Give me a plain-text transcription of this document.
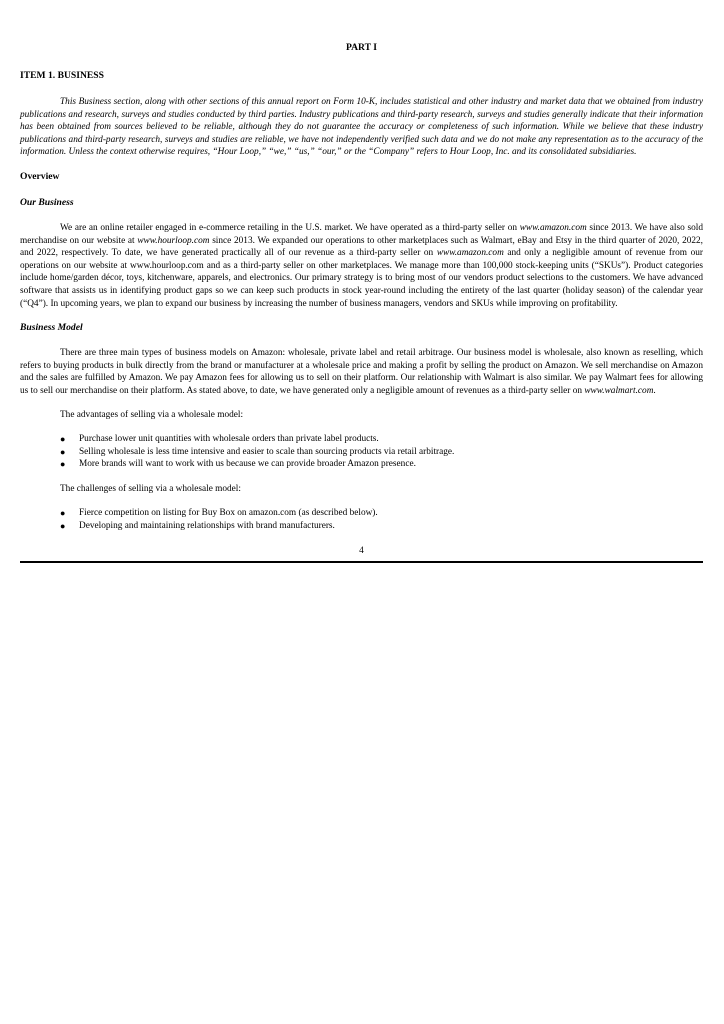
PART I
ITEM 1. BUSINESS

This Business section, along with other sections of this annual report on Form 10-K, includes statistical and other industry and market data that we obtained from industry publications and research, surveys and studies conducted by third parties. Industry publications and third-party research, surveys and studies generally indicate that their information has been obtained from sources believed to be reliable, although they do not guarantee the accuracy or completeness of such information. While we believe that these industry publications and third-party research, surveys and studies are reliable, we have not independently verified such data and we do not make any representation as to the accuracy of the information. Unless the context otherwise requires, “Hour Loop,” “we,” “us,” “our,” or the “Company” refers to Hour Loop, Inc. and its consolidated subsidiaries.

Overview
Our Business

We are an online retailer engaged in e-commerce retailing in the U.S. market. We have operated as a third-party seller on www.amazon.com since 2013. We have also sold merchandise on our website at www.hourloop.com since 2013. We expanded our operations to other marketplaces such as Walmart, eBay and Etsy in the third quarter of 2020, 2022, and 2022, respectively. To date, we have generated practically all of our revenue as a third-party seller on www.amazon.com and only a negligible amount of revenue from our operations on our website at www.hourloop.com and as a third-party seller on other marketplaces. We manage more than 100,000 stock-keeping units (“SKUs”). Product categories include home/garden décor, toys, kitchenware, apparels, and electronics. Our primary strategy is to bring most of our vendors product selections to the customers. We have advanced software that assists us in identifying product gaps so we can keep such products in stock year-round including the entirety of the last quarter (holiday season) of the calendar year (“Q4”). In upcoming years, we plan to expand our business by increasing the number of business managers, vendors and SKUs while improving on profitability.

Business Model

There are three main types of business models on Amazon: wholesale, private label and retail arbitrage. Our business model is wholesale, also known as reselling, which refers to buying products in bulk directly from the brand or manufacturer at a wholesale price and making a profit by selling the product on Amazon. We sell merchandise on Amazon and the sales are fulfilled by Amazon. We pay Amazon fees for allowing us to sell on their platform. Our relationship with Walmart is also similar. We pay Walmart fees for allowing us to sell our merchandise on their platform. As stated above, to date, we have generated only a negligible amount of revenues as a third-party seller on www.walmart.com.

The advantages of selling via a wholesale model:

● Purchase lower unit quantities with wholesale orders than private label products.
● Selling wholesale is less time intensive and easier to scale than sourcing products via retail arbitrage.
● More brands will want to work with us because we can provide broader Amazon presence.

The challenges of selling via a wholesale model:

● Fierce competition on listing for Buy Box on amazon.com (as described below).
● Developing and maintaining relationships with brand manufacturers.
4
